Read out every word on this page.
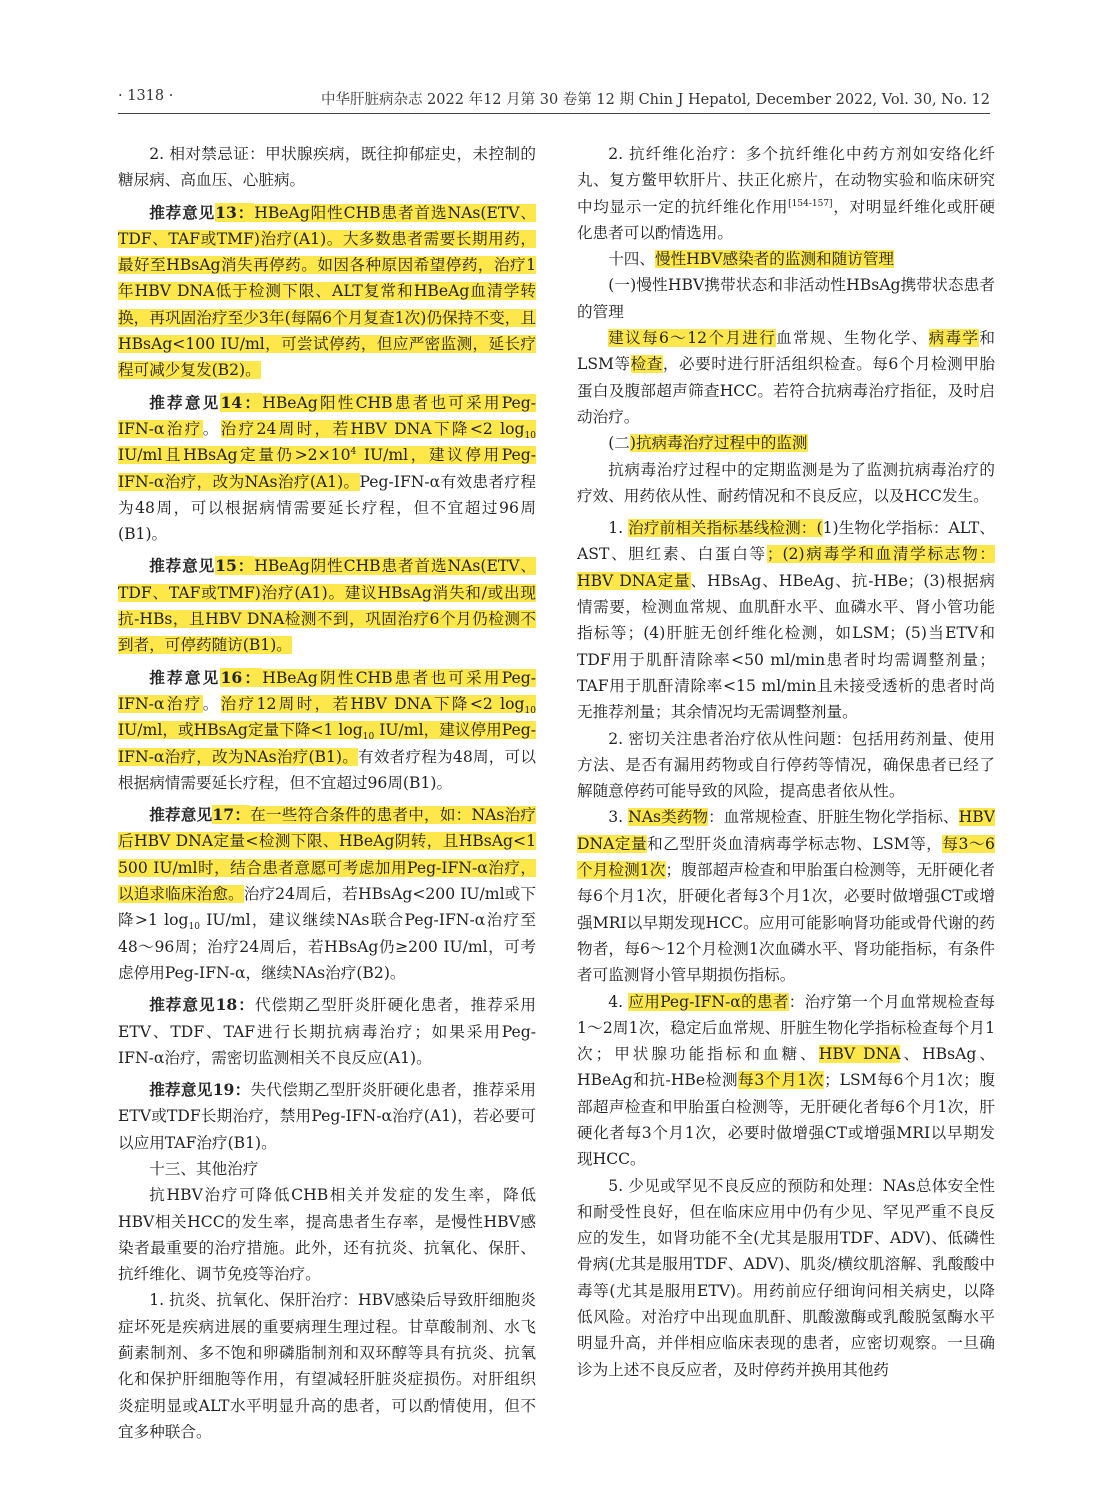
· 1318 ·	中华肝脏病杂志 2022 年12 月第 30 卷第 12 期 Chin J Hepatol, December 2022, Vol. 30, No. 12

2. 相对禁忌证：甲状腺疾病，既往抑郁症史，未控制的糖尿病、高血压、心脏病。

推荐意见13：HBeAg阳性CHB患者首选NAs(ETV、TDF、TAF或TMF)治疗(A1)。大多数患者需要长期用药，最好至HBsAg消失再停药。如因各种原因希望停药，治疗1年HBV DNA低于检测下限、ALT复常和HBeAg血清学转换，再巩固治疗至少3年(每隔6个月复查1次)仍保持不变，且HBsAg<100 IU/ml，可尝试停药，但应严密监测，延长疗程可减少复发(B2)。

推荐意见14：HBeAg阳性CHB患者也可采用Peg-IFN-α治疗。治疗24周时，若HBV DNA下降<2 $\log_{10} IU/ml$且HBsAg定量仍$>2\times 10^4$ IU/ml，建议停用Peg-IFN-α治疗，改为NAs治疗(A1)。Peg-IFN-α有效患者疗程为48周，可以根据病情需要延长疗程，但不宜超过96周(B1)。

推荐意见15：HBeAg阴性CHB患者首选NAs(ETV、TDF、TAF或TMF)治疗(A1)。建议HBsAg消失和/或出现抗-HBs，且HBV DNA检测不到，巩固治疗6个月仍检测不到者，可停药随访(B1)。

推荐意见16：HBeAg阴性CHB患者也可采用Peg-IFN-α治疗。治疗12周时，若HBV DNA下降<2 $\log_{10} IU/ml$，或HBsAg定量下降<1 $\log_{10} IU/ml$，建议停用Peg-IFN-α治疗，改为NAs治疗(B1)。有效者疗程为48周，可以根据病情需要延长疗程，但不宜超过96周(B1)。

推荐意见17：在一些符合条件的患者中，如：NAs治疗后HBV DNA定量<检测下限、HBeAg阴转，且HBsAg<1 500 IU/ml时，结合患者意愿可考虑加用Peg-IFN-α治疗，以追求临床治愈。治疗24周后，若HBsAg<200 IU/ml或下降>1 $\log_{10} IU/ml$，建议继续NAs联合Peg-IFN-α治疗至48～96周；治疗24周后，若HBsAg仍≥200 IU/ml，可考虑停用Peg-IFN-α，继续NAs治疗(B2)。

推荐意见18：代偿期乙型肝炎肝硬化患者，推荐采用ETV、TDF、TAF进行长期抗病毒治疗；如果采用Peg-IFN-α治疗，需密切监测相关不良反应(A1)。

推荐意见19：失代偿期乙型肝炎肝硬化患者，推荐采用ETV或TDF长期治疗，禁用Peg-IFN-α治疗(A1)，若必要可以应用TAF治疗(B1)。

十三、其他治疗

抗HBV治疗可降低CHB相关并发症的发生率，降低HBV相关HCC的发生率，提高患者生存率，是慢性HBV感染者最重要的治疗措施。此外，还有抗炎、抗氧化、保肝、抗纤维化、调节免疫等治疗。

1. 抗炎、抗氧化、保肝治疗：HBV感染后导致肝细胞炎症坏死是疾病进展的重要病理生理过程。甘草酸制剂、水飞蓟素制剂、多不饱和卵磷脂制剂和双环醇等具有抗炎、抗氧化和保护肝细胞等作用，有望减轻肝脏炎症损伤。对肝组织炎症明显或ALT水平明显升高的患者，可以酌情使用，但不宜多种联合。

2. 抗纤维化治疗：多个抗纤维化中药方剂如安络化纤丸、复方鳖甲软肝片、扶正化瘀片，在动物实验和临床研究中均显示一定的抗纤维化作用[154-157]，对明显纤维化或肝硬化患者可以酌情选用。

十四、慢性HBV感染者的监测和随访管理

(一)慢性HBV携带状态和非活动性HBsAg携带状态患者的管理

建议每6～12个月进行血常规、生物化学、病毒学和LSM等检查，必要时进行肝活组织检查。每6个月检测甲胎蛋白及腹部超声筛查HCC。若符合抗病毒治疗指征，及时启动治疗。

(二)抗病毒治疗过程中的监测

抗病毒治疗过程中的定期监测是为了监测抗病毒治疗的疗效、用药依从性、耐药情况和不良反应，以及HCC发生。

1. 治疗前相关指标基线检测：(1)生物化学指标：ALT、AST、胆红素、白蛋白等；(2)病毒学和血清学标志物：HBV DNA定量、HBsAg、HBeAg、抗-HBe；(3)根据病情需要，检测血常规、血肌酐水平、血磷水平、肾小管功能指标等；(4)肝脏无创纤维化检测，如LSM；(5)当ETV和TDF用于肌酐清除率<50 ml/min患者时均需调整剂量；TAF用于肌酐清除率<15 ml/min且未接受透析的患者时尚无推荐剂量；其余情况均无需调整剂量。

2. 密切关注患者治疗依从性问题：包括用药剂量、使用方法、是否有漏用药物或自行停药等情况，确保患者已经了解随意停药可能导致的风险，提高患者依从性。

3. NAs类药物：血常规检查、肝脏生物化学指标、HBV DNA定量和乙型肝炎血清病毒学标志物、LSM等，每3～6个月检测1次；腹部超声检查和甲胎蛋白检测等，无肝硬化者每6个月1次，肝硬化者每3个月1次，必要时做增强CT或增强MRI以早期发现HCC。应用可能影响肾功能或骨代谢的药物者，每6～12个月检测1次血磷水平、肾功能指标，有条件者可监测肾小管早期损伤指标。

4. 应用Peg-IFN-α的患者：治疗第一个月血常规检查每1～2周1次，稳定后血常规、肝脏生物化学指标检查每个月1次；甲状腺功能指标和血糖、HBV DNA、HBsAg、HBeAg和抗-HBe检测每3个月1次；LSM每6个月1次；腹部超声检查和甲胎蛋白检测等，无肝硬化者每6个月1次，肝硬化者每3个月1次，必要时做增强CT或增强MRI以早期发现HCC。

5. 少见或罕见不良反应的预防和处理：NAs总体安全性和耐受性良好，但在临床应用中仍有少见、罕见严重不良反应的发生，如肾功能不全(尤其是服用TDF、ADV)、低磷性骨病(尤其是服用TDF、ADV)、肌炎/横纹肌溶解、乳酸酸中毒等(尤其是服用ETV)。用药前应仔细询问相关病史，以降低风险。对治疗中出现血肌酐、肌酸激酶或乳酸脱氢酶水平明显升高，并伴相应临床表现的患者，应密切观察。一旦确诊为上述不良反应者，及时停药并换用其他药
